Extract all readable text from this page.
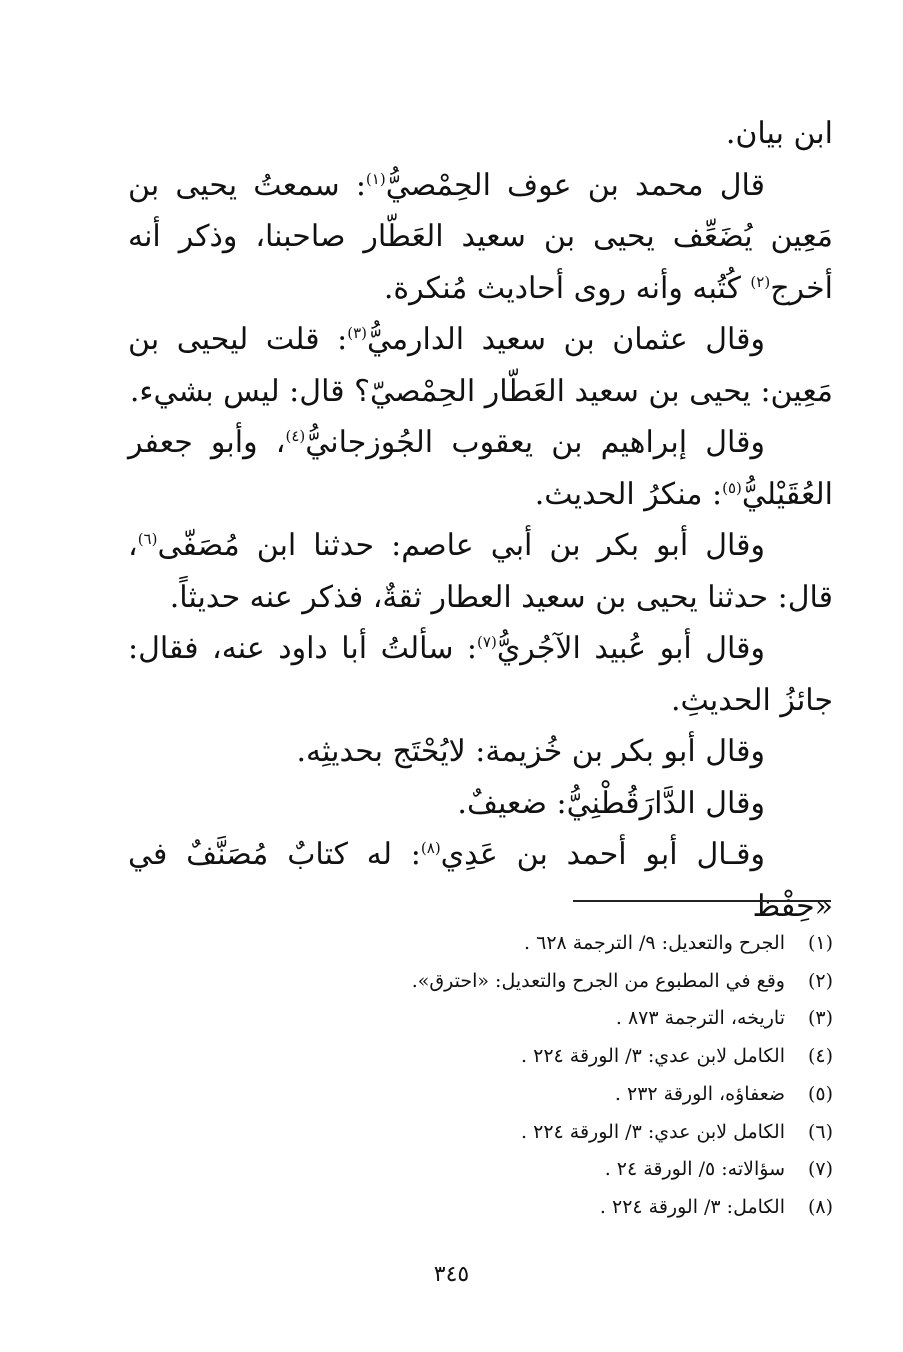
ابن بيان.

قال محمد بن عوف الحِمْصيُّ$^{(١)}$: سمعتُ يحيى بن مَعِين يُضَعِّف يحيى بن سعيد العَطّار صاحبنا، وذكر أنه أخرج$^{(٢)}$ كُتُبه وأنه روى أحاديث مُنكرة.

وقال عثمان بن سعيد الدارميُّ$^{(٣)}$: قلت ليحيى بن مَعِين: يحيى بن سعيد العَطّار الحِمْصيّ؟ قال: ليس بشيء.

وقال إبراهيم بن يعقوب الجُوزجانيُّ$^{(٤)}$، وأبو جعفر العُقَيْليُّ$^{(٥)}$: منكرُ الحديث.

وقال أبو بكر بن أبي عاصم: حدثنا ابن مُصَفّى$^{(٦)}$، قال: حدثنا يحيى بن سعيد العطار ثقةٌ، فذكر عنه حديثاً.

وقال أبو عُبيد الآجُريُّ$^{(٧)}$: سألتُ أبا داود عنه، فقال: جائزُ الحديثِ.

وقال أبو بكر بن خُزيمة: لايُحْتَج بحديثِه.

وقال الدَّارَقُطْنِيُّ: ضعيفٌ.

وقـال أبو أحمد بن عَدِي$^{(٨)}$: له كتابٌ مُصَنَّفٌ في «حِفْظ

(١)
الجرح والتعديل: ٩/ الترجمة ٦٢٨ .
(٢)
وقع في المطبوع من الجرح والتعديل: «احترق».
(٣)
تاريخه، الترجمة ٨٧٣ .
(٤)
الكامل لابن عدي: ٣/ الورقة ٢٢٤ .
(٥)
ضعفاؤه، الورقة ٢٣٢ .
(٦)
الكامل لابن عدي: ٣/ الورقة ٢٢٤ .
(٧)
سؤالاته: ٥/ الورقة ٢٤ .
(٨)
الكامل: ٣/ الورقة ٢٢٤ .
٣٤٥
